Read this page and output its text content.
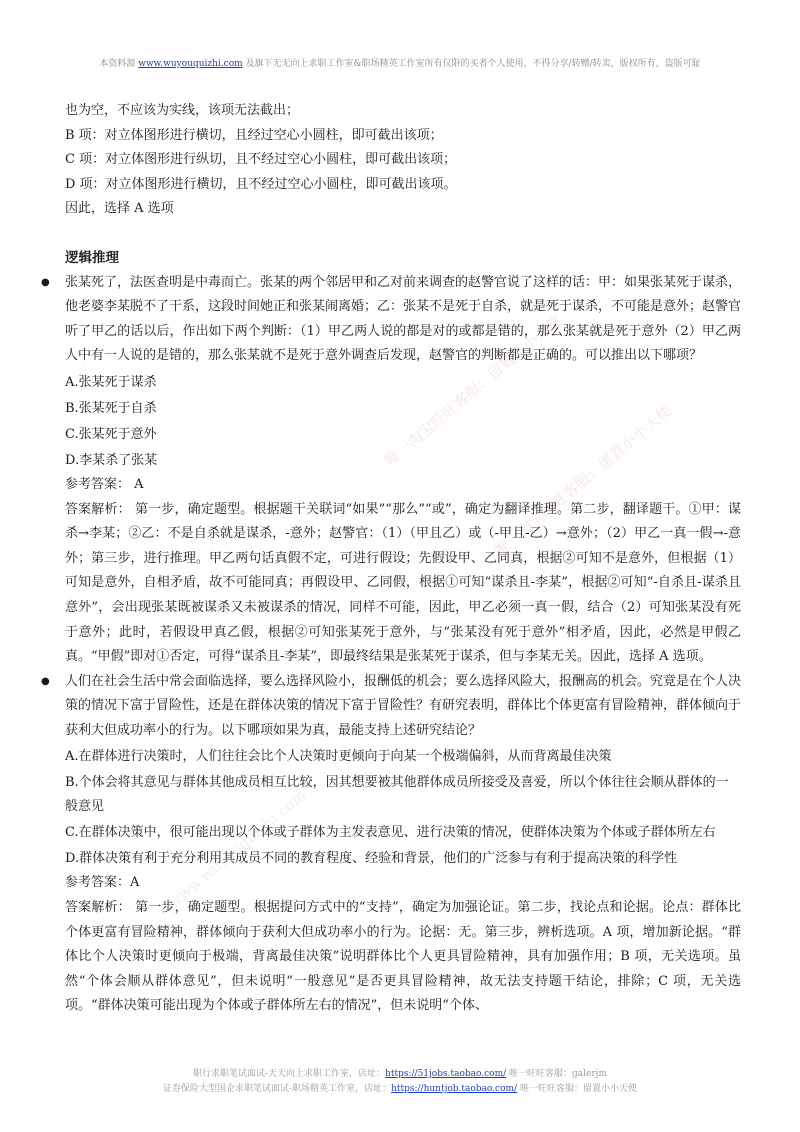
本资料源 www.wuyouquizhi.com 及旗下无无向上求职工作室&职场精英工作室所有仅限的买者个人使用，不得分享/转赠/转卖，版权所有，盗版可耻
唯一淘宝旺旺客服：留置小小天使
唯一淘宝旺旺客服：留置小小天使
www.wuyouquizhi.com

也为空，不应该为实线，该项无法截出；

B 项：对立体图形进行横切，且经过空心小圆柱，即可截出该项；

C 项：对立体图形进行纵切，且不经过空心小圆柱，即可截出该项；

D 项：对立体图形进行横切，且不经过空心小圆柱，即可截出该项。

因此，选择 A 选项

逻辑推理

● 张某死了，法医查明是中毒而亡。张某的两个邻居甲和乙对前来调查的赵警官说了这样的话：甲：如果张某死于谋杀，他老婆李某脱不了干系，这段时间她正和张某闹离婚；乙：张某不是死于自杀，就是死于谋杀，不可能是意外；赵警官听了甲乙的话以后，作出如下两个判断：（1）甲乙两人说的都是对的或都是错的，那么张某就是死于意外（2）甲乙两人中有一人说的是错的，那么张某就不是死于意外调查后发现，赵警官的判断都是正确的。可以推出以下哪项？

A.张某死于谋杀

B.张某死于自杀

C.张某死于意外

D.李某杀了张某

参考答案： A

答案解析： 第一步，确定题型。根据题干关联词“如果”“那么”“或”，确定为翻译推理。第二步，翻译题干。①甲：谋杀→李某；②乙：不是自杀就是谋杀，-意外；赵警官：（1）（甲且乙）或（-甲且-乙）→意外；（2）甲乙一真一假→-意外；第三步，进行推理。甲乙两句话真假不定，可进行假设；先假设甲、乙同真，根据②可知不是意外，但根据（1）可知是意外，自相矛盾，故不可能同真；再假设甲、乙同假，根据①可知“谋杀且-李某”，根据②可知“-自杀且-谋杀且意外”，会出现张某既被谋杀又未被谋杀的情况，同样不可能，因此，甲乙必须一真一假，结合（2）可知张某没有死于意外；此时，若假设甲真乙假，根据②可知张某死于意外，与“张某没有死于意外”相矛盾，因此，必然是甲假乙真。“甲假”即对①否定，可得“谋杀且-李某”，即最终结果是张某死于谋杀，但与李某无关。因此，选择 A 选项。

● 人们在社会生活中常会面临选择，要么选择风险小，报酬低的机会；要么选择风险大，报酬高的机会。究竟是在个人决策的情况下富于冒险性，还是在群体决策的情况下富于冒险性？有研究表明，群体比个体更富有冒险精神，群体倾向于获利大但成功率小的行为。以下哪项如果为真，最能支持上述研究结论？

A.在群体进行决策时，人们往往会比个人决策时更倾向于向某一个极端偏斜，从而背离最佳决策

B.个体会将其意见与群体其他成员相互比较，因其想要被其他群体成员所接受及喜爱，所以个体往往会顺从群体的一般意见

C.在群体决策中，很可能出现以个体或子群体为主发表意见、进行决策的情况，使群体决策为个体或子群体所左右

D.群体决策有利于充分利用其成员不同的教育程度、经验和背景，他们的广泛参与有利于提高决策的科学性

参考答案：A

答案解析： 第一步，确定题型。根据提问方式中的“支持”，确定为加强论证。第二步，找论点和论据。论点：群体比个体更富有冒险精神，群体倾向于获利大但成功率小的行为。论据：无。第三步，辨析选项。A 项，增加新论据。“群体比个人决策时更倾向于极端，背离最佳决策”说明群体比个人更具冒险精神，具有加强作用；B 项，无关选项。虽然“个体会顺从群体意见”，但未说明“一般意见”是否更具冒险精神，故无法支持题干结论，排除；C 项，无关选项。“群体决策可能出现为个体或子群体所左右的情况”，但未说明“个体、

职行求职笔试面试-天天向上求职工作室，店址：https://51jobs.taobao.com/ 唯一旺旺客服：galerjm
证券保险大型国企求职笔试面试-职场精英工作室，店址：https://huntjob.taobao.com/ 唯一旺旺客服：留置小小天使
